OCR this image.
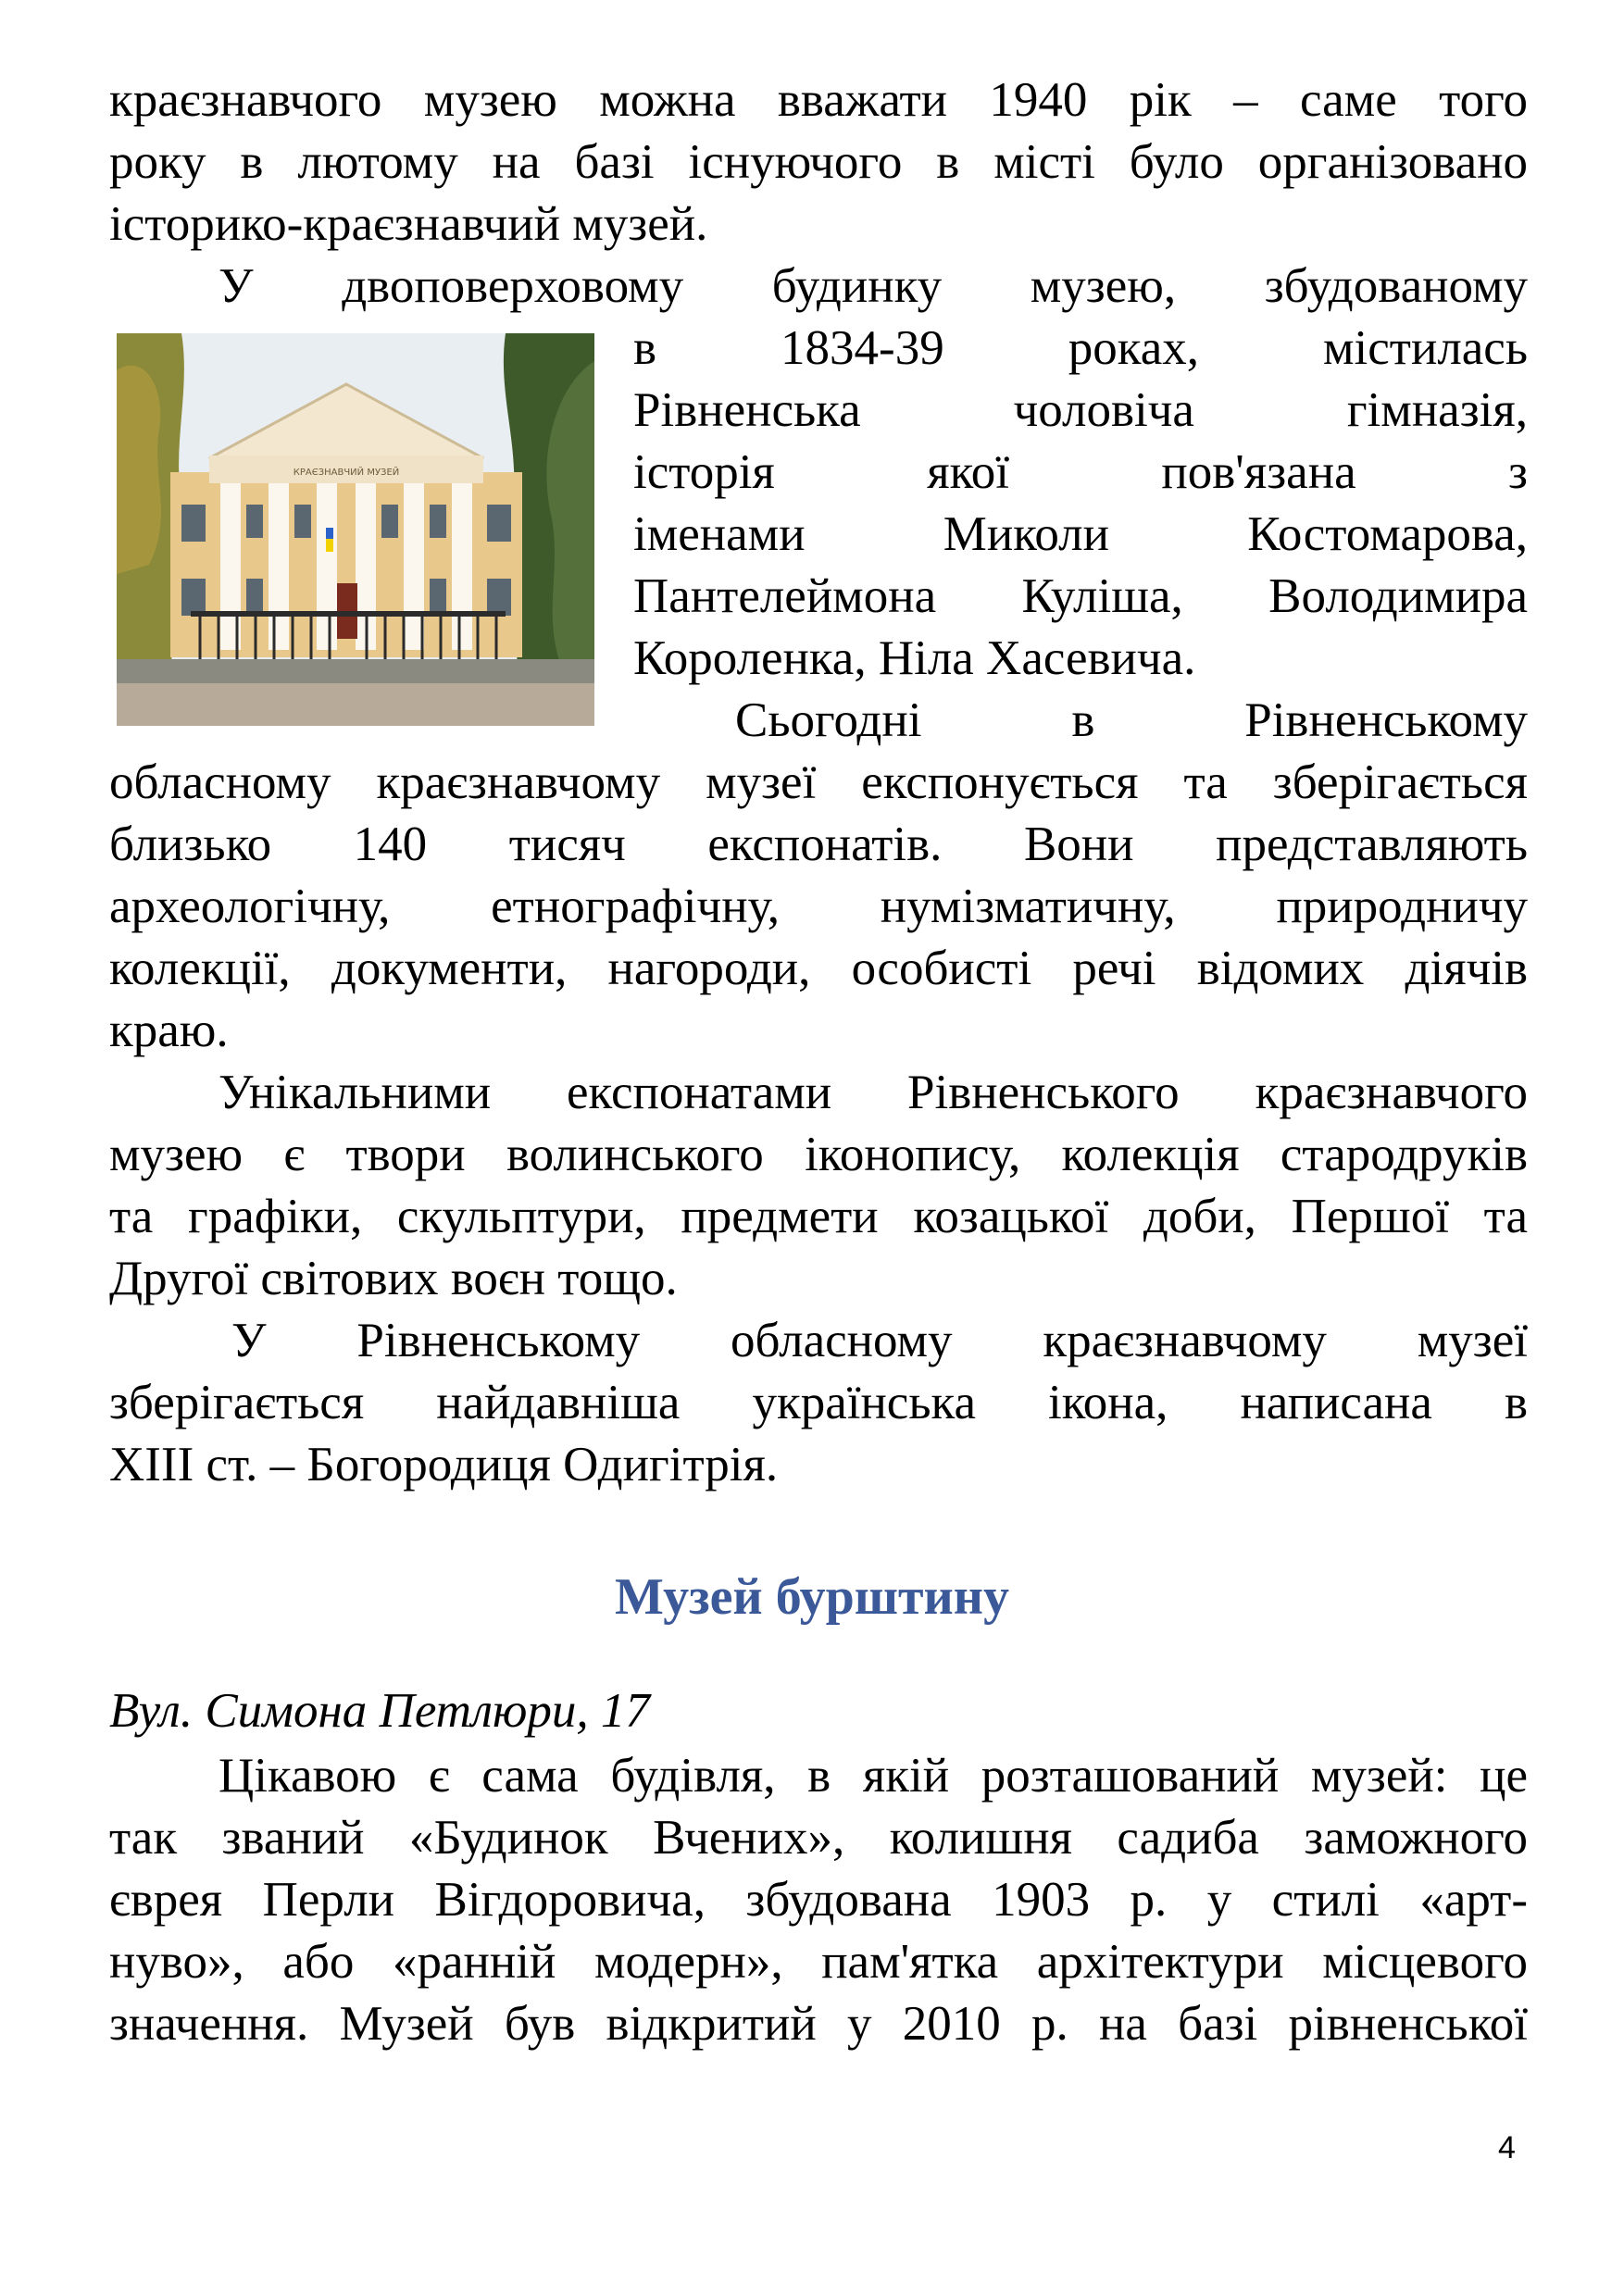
краєзнавчого музею можна вважати 1940 рік – саме того
року в лютому на базі існуючого в місті було організовано
історико-краєзнавчий музей.
У двоповерховому будинку музею, збудованому
в 1834-39 роках, містилась
Рівненська чоловіча гімназія,
історія якої пов'язана з
іменами Миколи Костомарова,
Пантелеймона Куліша, Володимира
Короленка, Ніла Хасевича.
КРАЄЗНАВЧИЙ МУЗЕЙ
Сьогодні в Рівненському
обласному краєзнавчому музеї експонується та зберігається
близько 140 тисяч експонатів. Вони представляють
археологічну, етнографічну, нумізматичну, природничу
колекції, документи, нагороди, особисті речі відомих діячів
краю.
Унікальними експонатами Рівненського краєзнавчого
музею є твори волинського іконопису, колекція стародруків
та графіки, скульптури, предмети козацької доби, Першої та
Другої світових воєн тощо.
У Рівненському обласному краєзнавчому музеї
зберігається найдавніша українська ікона, написана в
XIII ст. – Богородиця Одигітрія.
Музей бурштину
Вул. Симона Петлюри, 17
Цікавою є сама будівля, в якій розташований музей: це
так званий «Будинок Вчених», колишня садиба заможного
єврея Перли Вігдоровича, збудована 1903 р. у стилі «арт-
нуво», або «ранній модерн», пам'ятка архітектури місцевого
значення. Музей був відкритий у 2010 р. на базі рівненської
4
